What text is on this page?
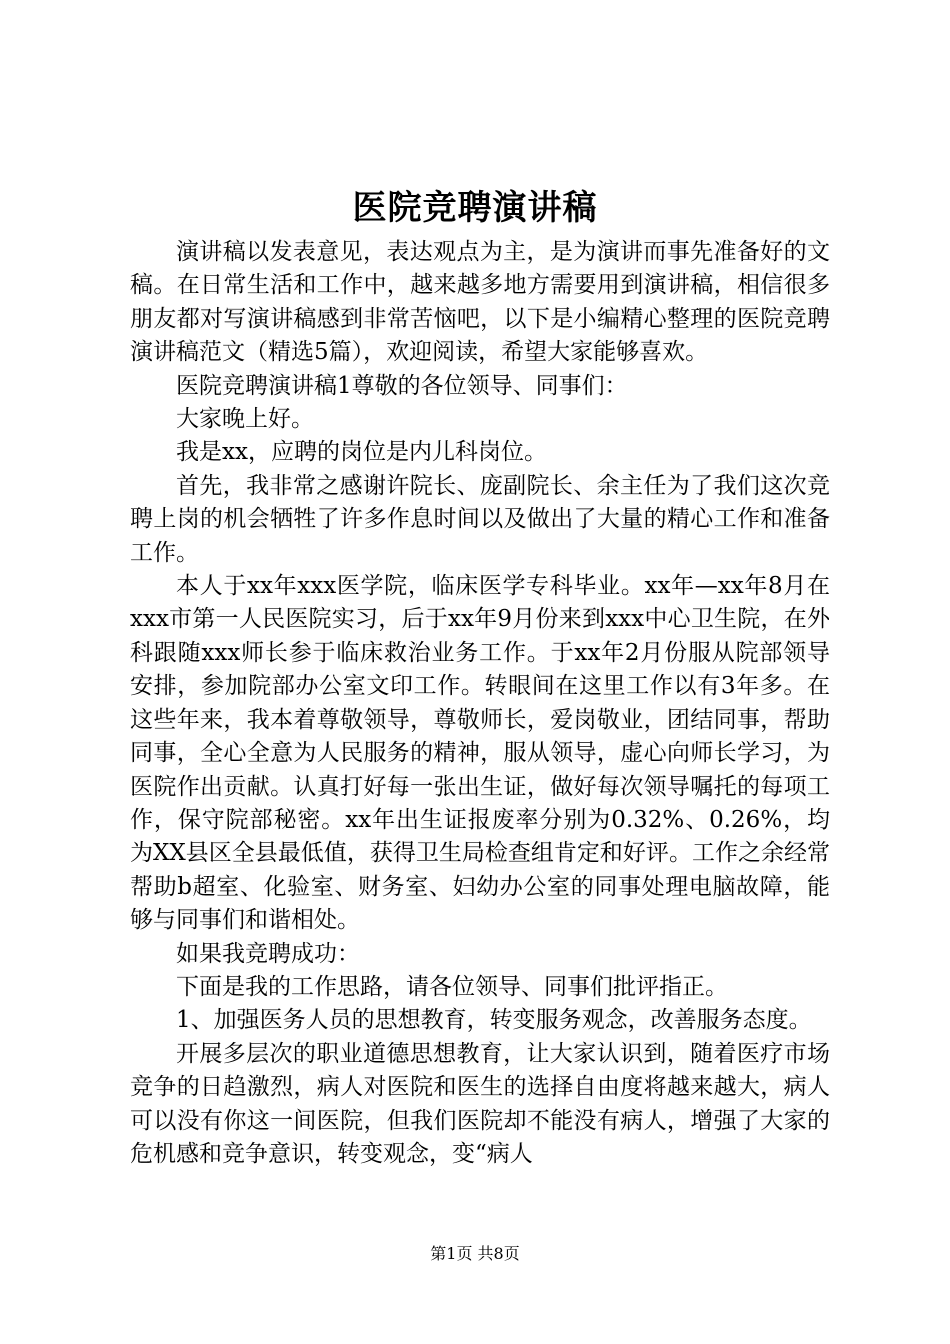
医院竞聘演讲稿

演讲稿以发表意见，表达观点为主，是为演讲而事先准备好的文稿。在日常生活和工作中，越来越多地方需要用到演讲稿，相信很多朋友都对写演讲稿感到非常苦恼吧，以下是小编精心整理的医院竞聘演讲稿范文（精选5篇），欢迎阅读，希望大家能够喜欢。

医院竞聘演讲稿1尊敬的各位领导、同事们：

大家晚上好。

我是xx，应聘的岗位是内儿科岗位。

首先，我非常之感谢许院长、庞副院长、余主任为了我们这次竞聘上岗的机会牺牲了许多作息时间以及做出了大量的精心工作和准备工作。

本人于xx年xxx医学院，临床医学专科毕业。xx年—xx年8月在xxx市第一人民医院实习，后于xx年9月份来到xxx中心卫生院，在外科跟随xxx师长参于临床救治业务工作。于xx年2月份服从院部领导安排，参加院部办公室文印工作。转眼间在这里工作以有3年多。在这些年来，我本着尊敬领导，尊敬师长，爱岗敬业，团结同事，帮助同事，全心全意为人民服务的精神，服从领导，虚心向师长学习，为医院作出贡献。认真打好每一张出生证，做好每次领导嘱托的每项工作，保守院部秘密。xx年出生证报废率分别为0.32%、0.26%，均为XX县区全县最低值，获得卫生局检查组肯定和好评。工作之余经常帮助b超室、化验室、财务室、妇幼办公室的同事处理电脑故障，能够与同事们和谐相处。

如果我竞聘成功：

下面是我的工作思路，请各位领导、同事们批评指正。

1、加强医务人员的思想教育，转变服务观念，改善服务态度。

开展多层次的职业道德思想教育，让大家认识到，随着医疗市场竞争的日趋激烈，病人对医院和医生的选择自由度将越来越大，病人可以没有你这一间医院，但我们医院却不能没有病人，增强了大家的危机感和竞争意识，转变观念，变“病人

第1页 共8页
